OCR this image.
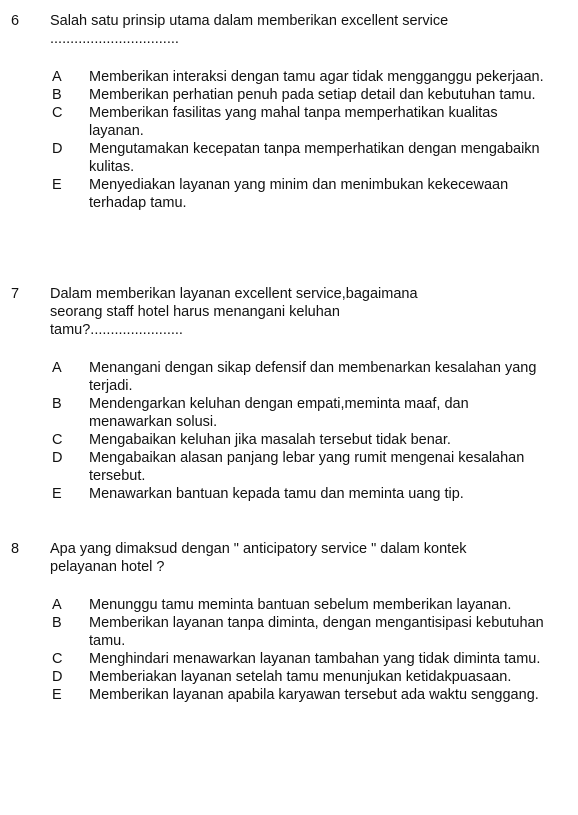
6 Salah satu prinsip utama dalam memberikan excellent service ................................
A Memberikan interaksi dengan tamu agar tidak mengganggu pekerjaan.
B Memberikan perhatian penuh pada setiap detail dan kebutuhan tamu.
C Memberikan fasilitas yang mahal tanpa memperhatikan kualitas layanan.
D Mengutamakan kecepatan tanpa memperhatikan dengan mengabaikn kulitas.
E Menyediakan layanan yang minim dan menimbukan kekecewaan terhadap tamu.
7 Dalam memberikan layanan excellent service,bagaimana seorang staff hotel harus menangani keluhan tamu?.......................
A Menangani dengan sikap defensif dan membenarkan kesalahan yang terjadi.
B Mendengarkan keluhan dengan empati,meminta maaf, dan menawarkan solusi.
C Mengabaikan keluhan jika masalah tersebut tidak benar.
D Mengabaikan alasan panjang lebar yang rumit mengenai kesalahan tersebut.
E Menawarkan bantuan kepada tamu dan meminta uang tip.
8 Apa yang dimaksud dengan " anticipatory service " dalam kontek pelayanan hotel ?
A Menunggu tamu meminta bantuan sebelum memberikan layanan.
B Memberikan layanan tanpa diminta, dengan mengantisipasi kebutuhan tamu.
C Menghindari menawarkan layanan tambahan yang tidak diminta tamu.
D Memberiakan layanan setelah tamu menunjukan ketidakpuasaan.
E Memberikan layanan apabila karyawan tersebut ada waktu senggang.
